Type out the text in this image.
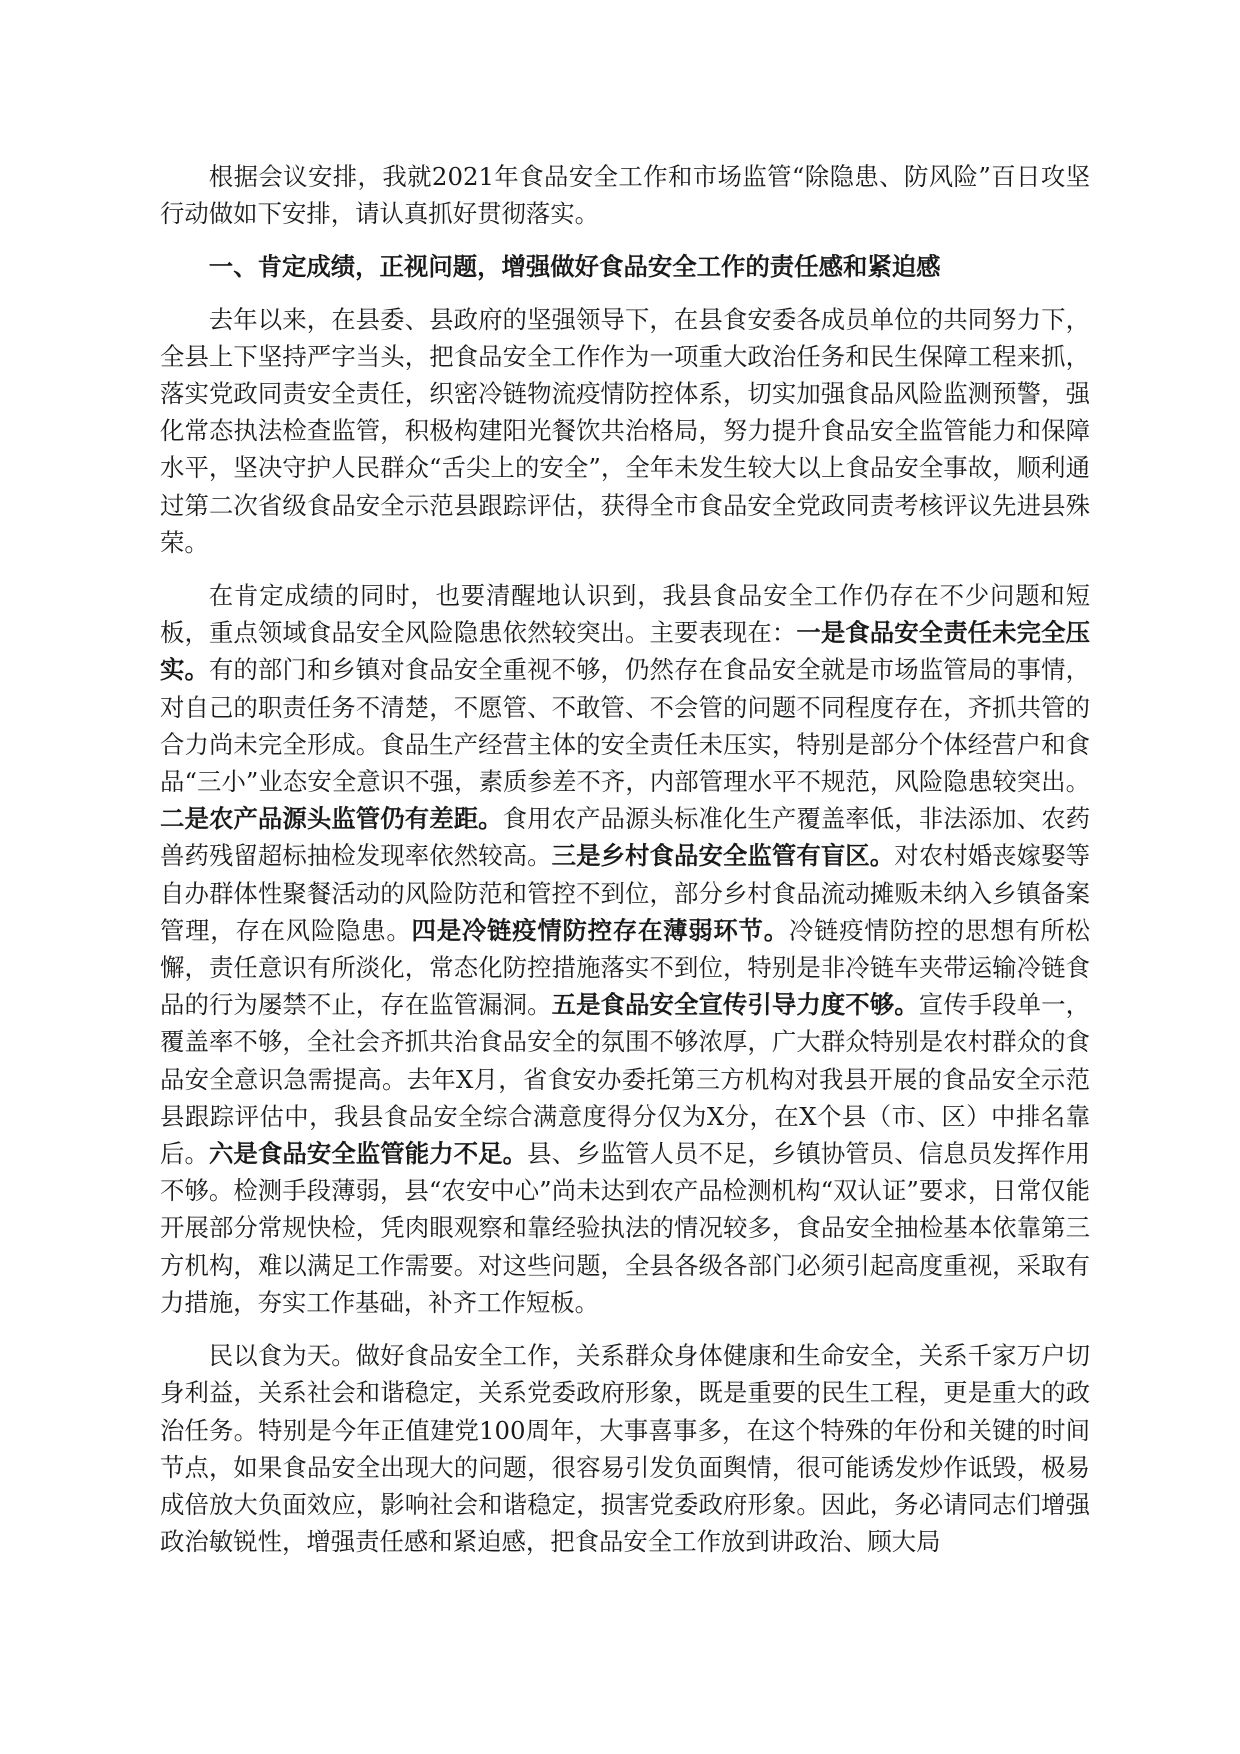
根据会议安排，我就2021年食品安全工作和市场监管“除隐患、防风险”百日攻坚行动做如下安排，请认真抓好贯彻落实。

一、肯定成绩，正视问题，增强做好食品安全工作的责任感和紧迫感

去年以来，在县委、县政府的坚强领导下，在县食安委各成员单位的共同努力下，全县上下坚持严字当头，把食品安全工作作为一项重大政治任务和民生保障工程来抓，落实党政同责安全责任，织密冷链物流疫情防控体系，切实加强食品风险监测预警，强化常态执法检查监管，积极构建阳光餐饮共治格局，努力提升食品安全监管能力和保障水平，坚决守护人民群众“舌尖上的安全”，全年未发生较大以上食品安全事故，顺利通过第二次省级食品安全示范县跟踪评估，获得全市食品安全党政同责考核评议先进县殊荣。

在肯定成绩的同时，也要清醒地认识到，我县食品安全工作仍存在不少问题和短板，重点领域食品安全风险隐患依然较突出。主要表现在：一是食品安全责任未完全压实。有的部门和乡镇对食品安全重视不够，仍然存在食品安全就是市场监管局的事情，对自己的职责任务不清楚，不愿管、不敢管、不会管的问题不同程度存在，齐抓共管的合力尚未完全形成。食品生产经营主体的安全责任未压实，特别是部分个体经营户和食品“三小”业态安全意识不强，素质参差不齐，内部管理水平不规范，风险隐患较突出。二是农产品源头监管仍有差距。食用农产品源头标准化生产覆盖率低，非法添加、农药兽药残留超标抽检发现率依然较高。三是乡村食品安全监管有盲区。对农村婚丧嫁娶等自办群体性聚餐活动的风险防范和管控不到位，部分乡村食品流动摊贩未纳入乡镇备案管理，存在风险隐患。四是冷链疫情防控存在薄弱环节。冷链疫情防控的思想有所松懈，责任意识有所淡化，常态化防控措施落实不到位，特别是非冷链车夹带运输冷链食品的行为屡禁不止，存在监管漏洞。五是食品安全宣传引导力度不够。宣传手段单一，覆盖率不够，全社会齐抓共治食品安全的氛围不够浓厚，广大群众特别是农村群众的食品安全意识急需提高。去年X月，省食安办委托第三方机构对我县开展的食品安全示范县跟踪评估中，我县食品安全综合满意度得分仅为X分，在X个县（市、区）中排名靠后。六是食品安全监管能力不足。县、乡监管人员不足，乡镇协管员、信息员发挥作用不够。检测手段薄弱，县“农安中心”尚未达到农产品检测机构“双认证”要求，日常仅能开展部分常规快检，凭肉眼观察和靠经验执法的情况较多，食品安全抽检基本依靠第三方机构，难以满足工作需要。对这些问题，全县各级各部门必须引起高度重视，采取有力措施，夯实工作基础，补齐工作短板。

民以食为天。做好食品安全工作，关系群众身体健康和生命安全，关系千家万户切身利益，关系社会和谐稳定，关系党委政府形象，既是重要的民生工程，更是重大的政治任务。特别是今年正值建党100周年，大事喜事多，在这个特殊的年份和关键的时间节点，如果食品安全出现大的问题，很容易引发负面舆情，很可能诱发炒作诋毁，极易成倍放大负面效应，影响社会和谐稳定，损害党委政府形象。因此，务必请同志们增强政治敏锐性，增强责任感和紧迫感，把食品安全工作放到讲政治、顾大局
